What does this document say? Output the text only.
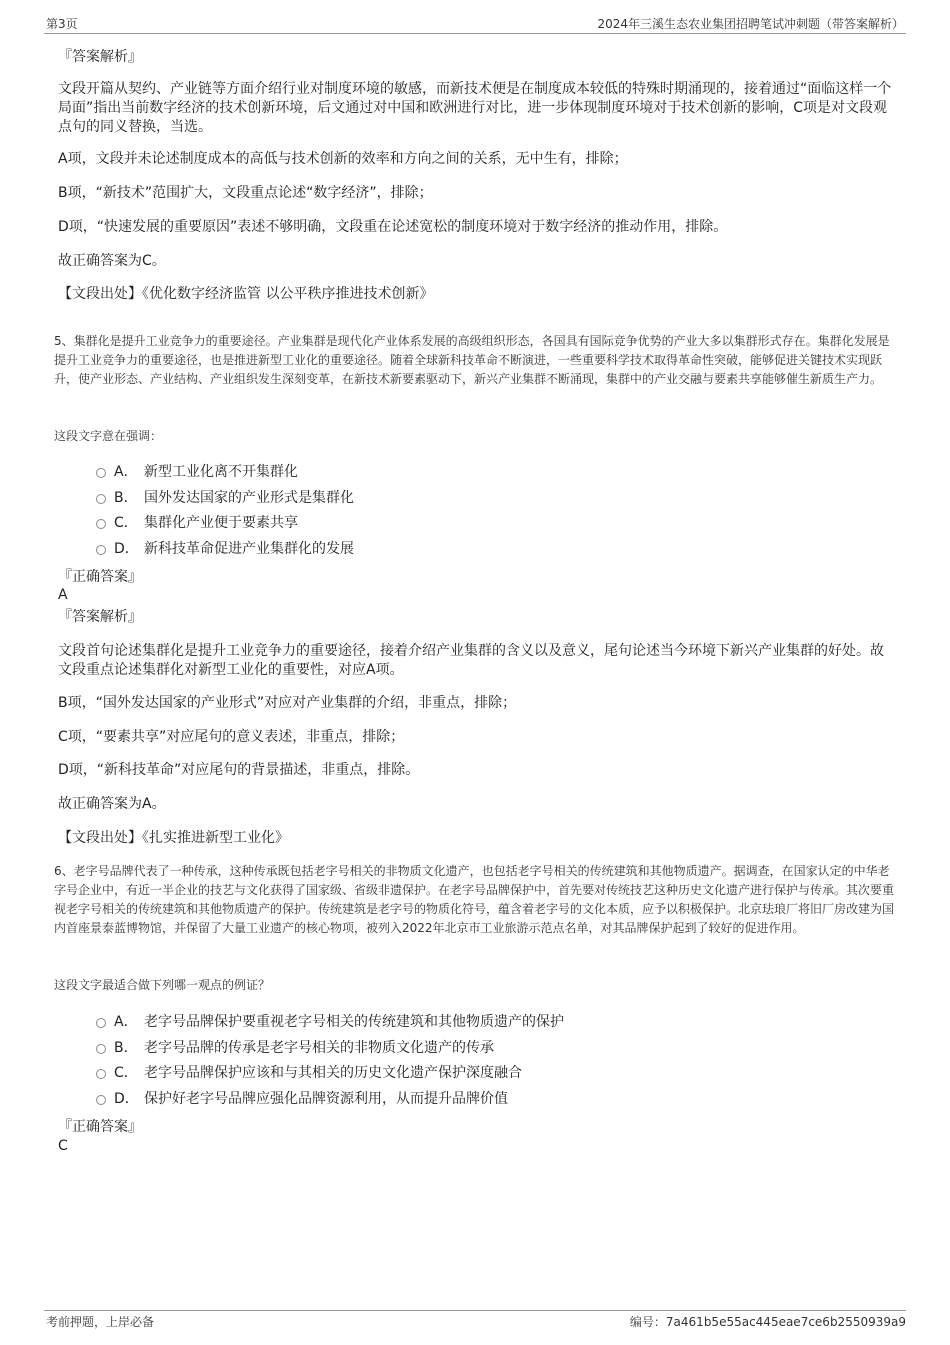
第3页	2024年三溪生态农业集团招聘笔试冲刺题（带答案解析）
『答案解析』

文段开篇从契约、产业链等方面介绍行业对制度环境的敏感，而新技术便是在制度成本较低的特殊时期涌现的，接着通过“面临这样一个局面”指出当前数字经济的技术创新环境，后文通过对中国和欧洲进行对比，进一步体现制度环境对于技术创新的影响，C项是对文段观点句的同义替换，当选。

A项，文段并未论述制度成本的高低与技术创新的效率和方向之间的关系，无中生有，排除；
B项，“新技术”范围扩大，文段重点论述“数字经济”，排除；
D项，“快速发展的重要原因”表述不够明确，文段重在论述宽松的制度环境对于数字经济的推动作用，排除。
故正确答案为C。
【文段出处】《优化数字经济监管 以公平秩序推进技术创新》

5、集群化是提升工业竞争力的重要途径。产业集群是现代化产业体系发展的高级组织形态，各国具有国际竞争优势的产业大多以集群形式存在。集群化发展是提升工业竞争力的重要途径，也是推进新型工业化的重要途径。随着全球新科技革命不断演进，一些重要科学技术取得革命性突破，能够促进关键技术实现跃升，使产业形态、产业结构、产业组织发生深刻变革，在新技术新要素驱动下，新兴产业集群不断涌现，集群中的产业交融与要素共享能够催生新质生产力。

这段文字意在强调：
A． 新型工业化离不开集群化
B． 国外发达国家的产业形式是集群化
C． 集群化产业便于要素共享
D． 新科技革命促进产业集群化的发展
『正确答案』
A
『答案解析』

文段首句论述集群化是提升工业竞争力的重要途径，接着介绍产业集群的含义以及意义，尾句论述当今环境下新兴产业集群的好处。故文段重点论述集群化对新型工业化的重要性，对应A项。

B项，“国外发达国家的产业形式”对应对产业集群的介绍，非重点，排除；
C项，“要素共享”对应尾句的意义表述，非重点，排除；
D项，“新科技革命”对应尾句的背景描述，非重点，排除。
故正确答案为A。
【文段出处】《扎实推进新型工业化》

6、老字号品牌代表了一种传承，这种传承既包括老字号相关的非物质文化遗产，也包括老字号相关的传统建筑和其他物质遗产。据调查，在国家认定的中华老字号企业中，有近一半企业的技艺与文化获得了国家级、省级非遗保护。在老字号品牌保护中，首先要对传统技艺这种历史文化遗产进行保护与传承。其次要重视老字号相关的传统建筑和其他物质遗产的保护。传统建筑是老字号的物质化符号，蕴含着老字号的文化本质，应予以积极保护。北京珐琅厂将旧厂房改建为国内首座景泰蓝博物馆，并保留了大量工业遗产的核心物项，被列入2022年北京市工业旅游示范点名单，对其品牌保护起到了较好的促进作用。

这段文字最适合做下列哪一观点的例证？
A． 老字号品牌保护要重视老字号相关的传统建筑和其他物质遗产的保护
B． 老字号品牌的传承是老字号相关的非物质文化遗产的传承
C． 老字号品牌保护应该和与其相关的历史文化遗产保护深度融合
D． 保护好老字号品牌应强化品牌资源利用，从而提升品牌价值
『正确答案』
C
考前押题，上岸必备	编号：7a461b5e55ac445eae7ce6b2550939a9
